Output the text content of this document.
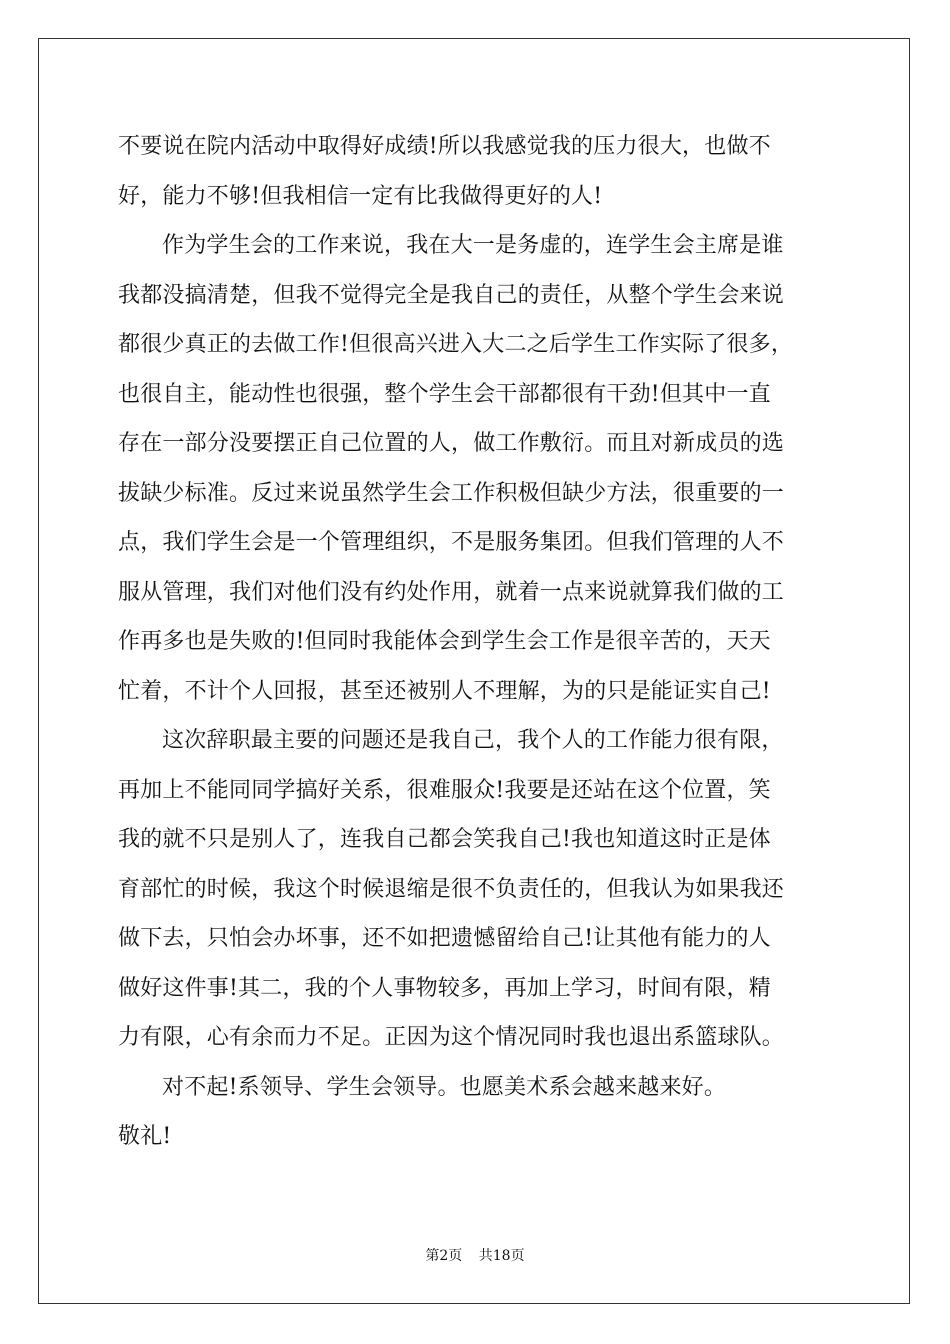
不要说在院内活动中取得好成绩!所以我感觉我的压力很大，也做不
好，能力不够!但我相信一定有比我做得更好的人!
作为学生会的工作来说，我在大一是务虚的，连学生会主席是谁
我都没搞清楚，但我不觉得完全是我自己的责任，从整个学生会来说
都很少真正的去做工作!但很高兴进入大二之后学生工作实际了很多，
也很自主，能动性也很强，整个学生会干部都很有干劲!但其中一直
存在一部分没要摆正自己位置的人，做工作敷衍。而且对新成员的选
拔缺少标准。反过来说虽然学生会工作积极但缺少方法，很重要的一
点，我们学生会是一个管理组织，不是服务集团。但我们管理的人不
服从管理，我们对他们没有约处作用，就着一点来说就算我们做的工
作再多也是失败的!但同时我能体会到学生会工作是很辛苦的，天天
忙着，不计个人回报，甚至还被别人不理解，为的只是能证实自己!
这次辞职最主要的问题还是我自己，我个人的工作能力很有限，
再加上不能同同学搞好关系，很难服众!我要是还站在这个位置，笑
我的就不只是别人了，连我自己都会笑我自己!我也知道这时正是体
育部忙的时候，我这个时候退缩是很不负责任的，但我认为如果我还
做下去，只怕会办坏事，还不如把遗憾留给自己!让其他有能力的人
做好这件事!其二，我的个人事物较多，再加上学习，时间有限，精
力有限，心有余而力不足。正因为这个情况同时我也退出系篮球队。
对不起!系领导、学生会领导。也愿美术系会越来越来好。
敬礼!
第2页 共18页
